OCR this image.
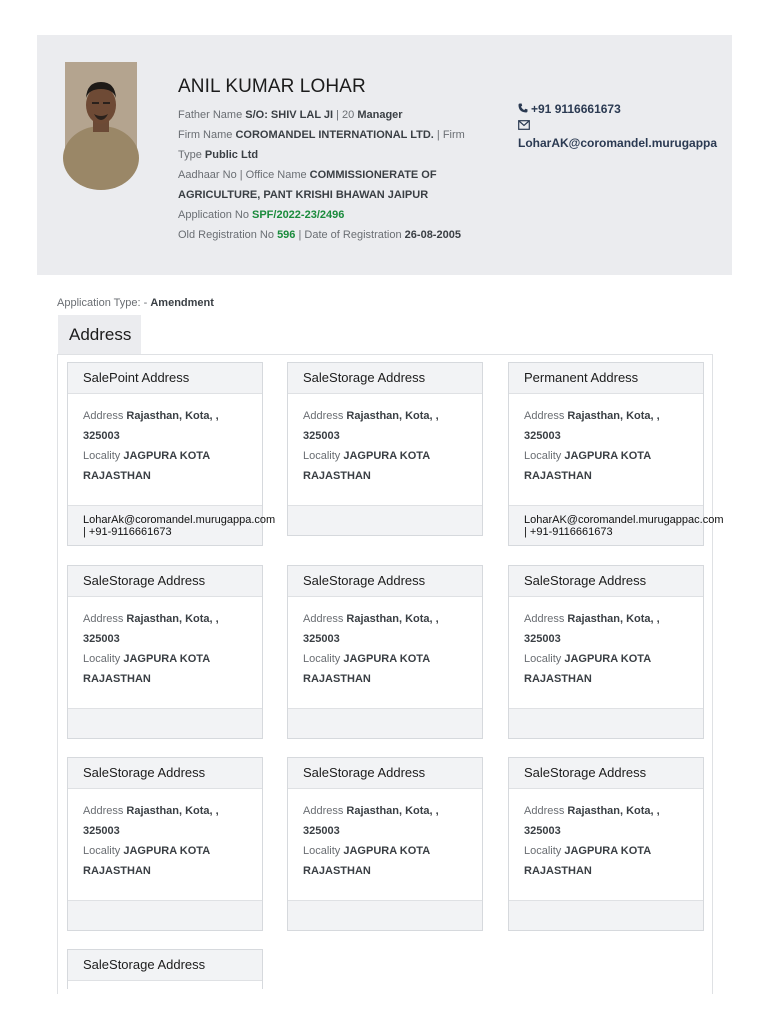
ANIL KUMAR LOHAR
Father Name S/O: SHIV LAL JI | 20 Manager
Firm Name COROMANDEL INTERNATIONAL LTD. | Firm Type Public Ltd
Aadhaar No | Office Name COMMISSIONERATE OF AGRICULTURE, PANT KRISHI BHAWAN JAIPUR
Application No SPF/2022-23/2496
Old Registration No 596 | Date of Registration 26-08-2005
+91 9116661673
LoharAK@coromandel.murugappa
Application Type: - Amendment
Address
SalePoint Address
Address Rajasthan, Kota, , 325003
Locality JAGPURA KOTA RAJASTHAN
LoharAk@coromandel.murugappa.com
| +91-9116661673
SaleStorage Address
Address Rajasthan, Kota, , 325003
Locality JAGPURA KOTA RAJASTHAN
Permanent Address
Address Rajasthan, Kota, , 325003
Locality JAGPURA KOTA RAJASTHAN
LoharAK@coromandel.murugappac.com
| +91-9116661673
SaleStorage Address
Address Rajasthan, Kota, , 325003
Locality JAGPURA KOTA RAJASTHAN
SaleStorage Address
Address Rajasthan, Kota, , 325003
Locality JAGPURA KOTA RAJASTHAN
SaleStorage Address
Address Rajasthan, Kota, , 325003
Locality JAGPURA KOTA RAJASTHAN
SaleStorage Address
Address Rajasthan, Kota, , 325003
Locality JAGPURA KOTA RAJASTHAN
SaleStorage Address
Address Rajasthan, Kota, , 325003
Locality JAGPURA KOTA RAJASTHAN
SaleStorage Address
Address Rajasthan, Kota, , 325003
Locality JAGPURA KOTA RAJASTHAN
SaleStorage Address
